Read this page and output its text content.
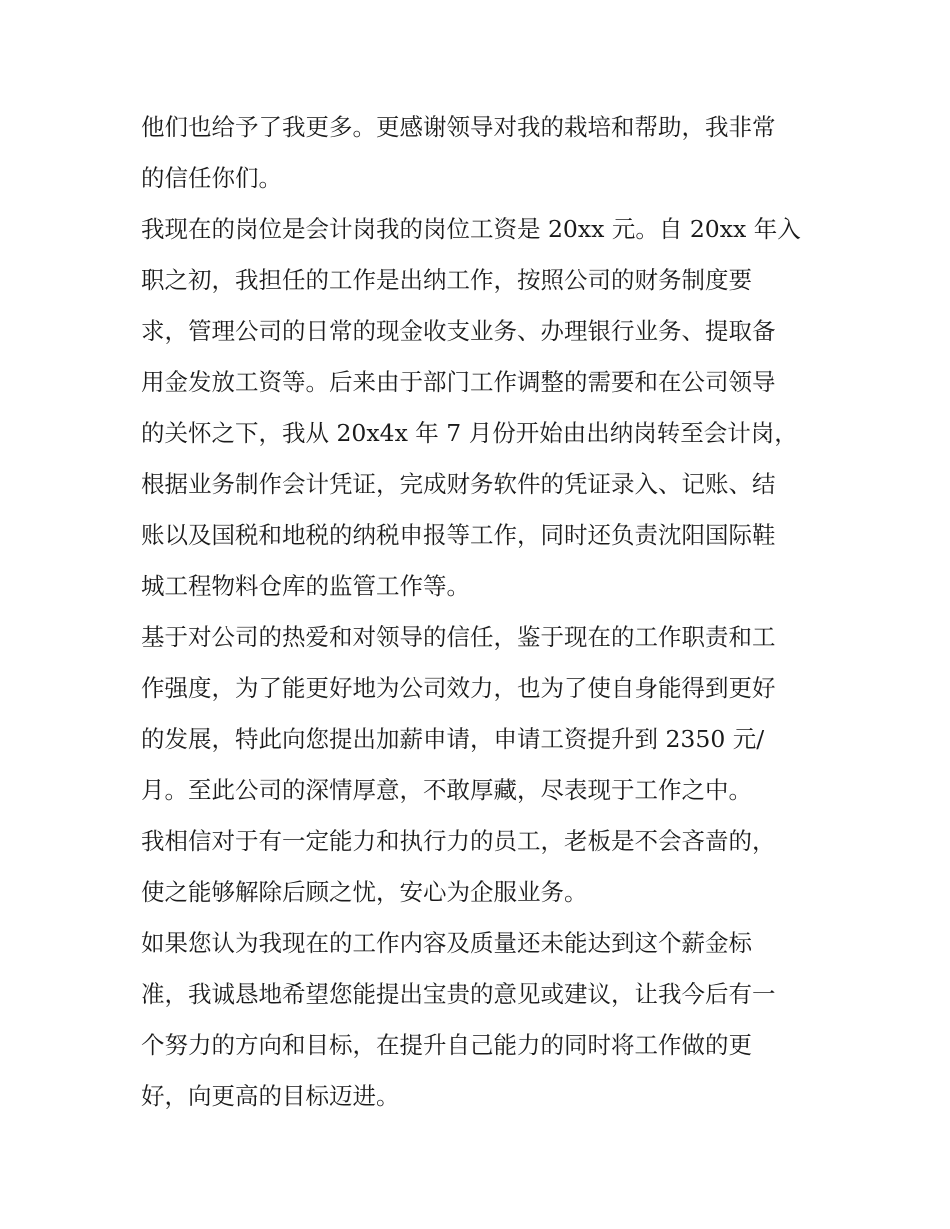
他们也给予了我更多。更感谢领导对我的栽培和帮助，我非常
的信任你们。

我现在的岗位是会计岗我的岗位工资是 20xx 元。自 20xx 年入
职之初，我担任的工作是出纳工作，按照公司的财务制度要
求，管理公司的日常的现金收支业务、办理银行业务、提取备
用金发放工资等。后来由于部门工作调整的需要和在公司领导
的关怀之下，我从 20x4x 年 7 月份开始由出纳岗转至会计岗，
根据业务制作会计凭证，完成财务软件的凭证录入、记账、结
账以及国税和地税的纳税申报等工作，同时还负责沈阳国际鞋
城工程物料仓库的监管工作等。

基于对公司的热爱和对领导的信任，鉴于现在的工作职责和工
作强度，为了能更好地为公司效力，也为了使自身能得到更好
的发展，特此向您提出加薪申请，申请工资提升到 2350 元/
月。至此公司的深情厚意，不敢厚藏，尽表现于工作之中。

我相信对于有一定能力和执行力的员工，老板是不会吝啬的，
使之能够解除后顾之忧，安心为企服业务。

如果您认为我现在的工作内容及质量还未能达到这个薪金标
准，我诚恳地希望您能提出宝贵的意见或建议，让我今后有一
个努力的方向和目标，在提升自己能力的同时将工作做的更
好，向更高的目标迈进。
